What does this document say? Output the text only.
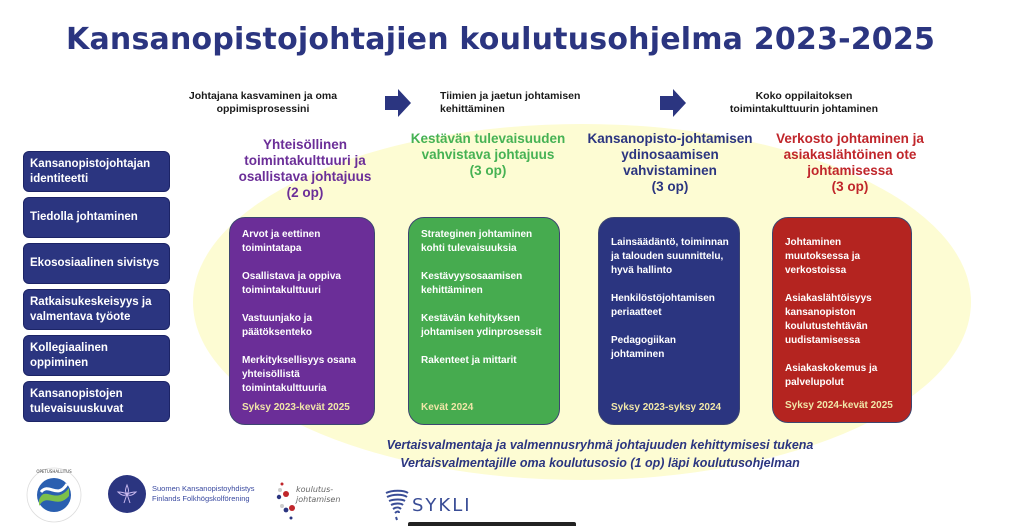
Kansanopistojohtajien koulutusohjelma 2023-2025
Johtajana kasvaminen ja oma oppimisprosessini
Tiimien ja jaetun johtamisen kehittäminen
Koko oppilaitoksen toimintakulttuurin johtaminen
Kansanopistojohtajan identiteetti
Tiedolla johtaminen
Ekososiaalinen sivistys
Ratkaisukeskeisyys ja valmentava työote
Kollegiaalinen oppiminen
Kansanopistojen tulevaisuuskuvat
Yhteisöllinen toimintakulttuuri ja osallistava johtajuus
(2 op)
Arvot ja eettinen toimintatapa
Osallistava ja oppiva toimintakulttuuri
Vastuunjako ja päätöksenteko
Merkityksellisyys osana yhteisöllistä toimintakulttuuria
Syksy 2023-kevät 2025
Kestävän tulevaisuuden vahvistava johtajuus
(3 op)
Strateginen johtaminen kohti tulevaisuuksia
Kestävyysosaamisen kehittäminen
Kestävän kehityksen johtamisen ydinprosessit
Rakenteet ja mittarit
Kevät 2024
Kansanopisto-johtamisen ydinosaamisen vahvistaminen
(3 op)
Lainsäädäntö, toiminnan ja talouden suunnittelu, hyvä hallinto
Henkilöstöjohtamisen periaatteet
Pedagogiikan johtaminen
Syksy 2023-syksy 2024
Verkosto johtaminen ja asiakaslähtöinen ote johtamisessa
(3 op)
Johtaminen muutoksessa ja verkostoissa
Asiakaslähtöisyys kansanopiston koulutustehtävän uudistamisessa
Asiakaskokemus ja palvelupolut
Syksy 2024-kevät 2025
Vertaisvalmentaja ja valmennusryhmä johtajuuden kehittymisesi tukena
Vertaisvalmentajille oma koulutusosio (1 op) läpi koulutusohjelman
OPETUSHALLITUS
Suomen Kansanopistoyhdistys
Finlands Folkhögskolförening
koulutus-
johtamisen	SYKLI
